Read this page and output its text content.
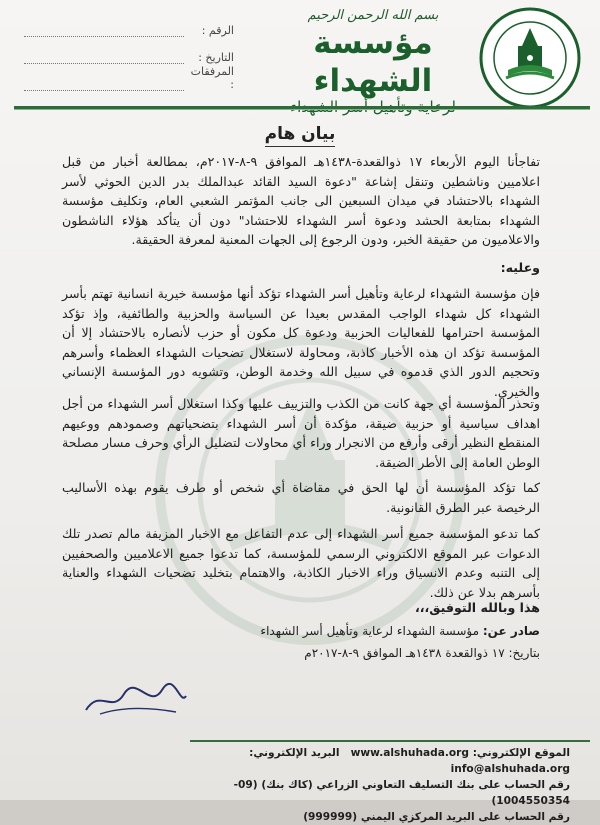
بسم الله الرحمن الرحيم
مؤسسة الشهداء
الرقم :
التاريخ :
المرفقات :
بيان هام

تفاجأنا اليوم الأربعاء ١٧ ذوالقعدة-١٤٣٨هـ الموافق ٩-٨-٢٠١٧م، بمطالعة أخبار من قبل اعلاميين وناشطين وتنقل إشاعة "دعوة السيد القائد عبدالملك بدر الدين الحوثي لأسر الشهداء بالاحتشاد في ميدان السبعين الى جانب المؤتمر الشعبي العام، وتكليف مؤسسة الشهداء بمتابعة الحشد ودعوة أسر الشهداء للاحتشاد" دون أن يتأكد هؤلاء الناشطون والاعلاميون من حقيقة الخبر، ودون الرجوع إلى الجهات المعنية لمعرفة الحقيقة.

وعليه:

فإن مؤسسة الشهداء لرعاية وتأهيل أسر الشهداء تؤكد أنها مؤسسة خيرية انسانية تهتم بأسر الشهداء كل شهداء الواجب المقدس بعيدا عن السياسة والحزبية والطائفية، وإذ تؤكد المؤسسة احترامها للفعاليات الحزبية ودعوة كل مكون أو حزب لأنصاره بالاحتشاد إلا أن المؤسسة تؤكد ان هذه الأخبار كاذبة، ومحاولة لاستغلال تضحيات الشهداء العظماء وأسرهم وتحجيم الدور الذي قدموه في سبيل الله وخدمة الوطن، وتشويه دور المؤسسة الإنساني والخيري.

وتحذر المؤسسة أي جهة كانت من الكذب والتزييف عليها وكذا استغلال أسر الشهداء من أجل اهداف سياسية أو حزبية ضيقة، مؤكدة أن أسر الشهداء بتضحياتهم وصمودهم ووعيهم المنقطع النظير أرقى وأرفع من الانجرار وراء أي محاولات لتضليل الرأي وحرف مسار مصلحة الوطن العامة إلى الأطر الضيقة.

كما تؤكد المؤسسة أن لها الحق في مقاضاة أي شخص أو طرف يقوم بهذه الأساليب الرخيصة عبر الطرق القانونية.

كما تدعو المؤسسة جميع أسر الشهداء إلى عدم التفاعل مع الاخبار المزيفة مالم تصدر تلك الدعوات عبر الموقع الالكتروني الرسمي للمؤسسة، كما تدعوا جميع الاعلاميين والصحفيين إلى التنبه وعدم الانسياق وراء الاخبار الكاذبة، والاهتمام بتخليد تضحيات الشهداء والعناية بأسرهم بدلا عن ذلك.

هذا وبالله التوفيق،،،
صادر عن: مؤسسة الشهداء لرعاية وتأهيل أسر الشهداء
بتاريخ: ١٧ ذوالقعدة ١٤٣٨هـ الموافق ٩-٨-٢٠١٧م
الموقع الإلكتروني: www.alshuhada.org   البريد الإلكتروني: info@alshuhada.org
رقم الحساب على بنك التسليف التعاوني الزراعي (كاك بنك) (09-1004550354)
رقم الحساب على البريد المركزي اليمني (999999)
